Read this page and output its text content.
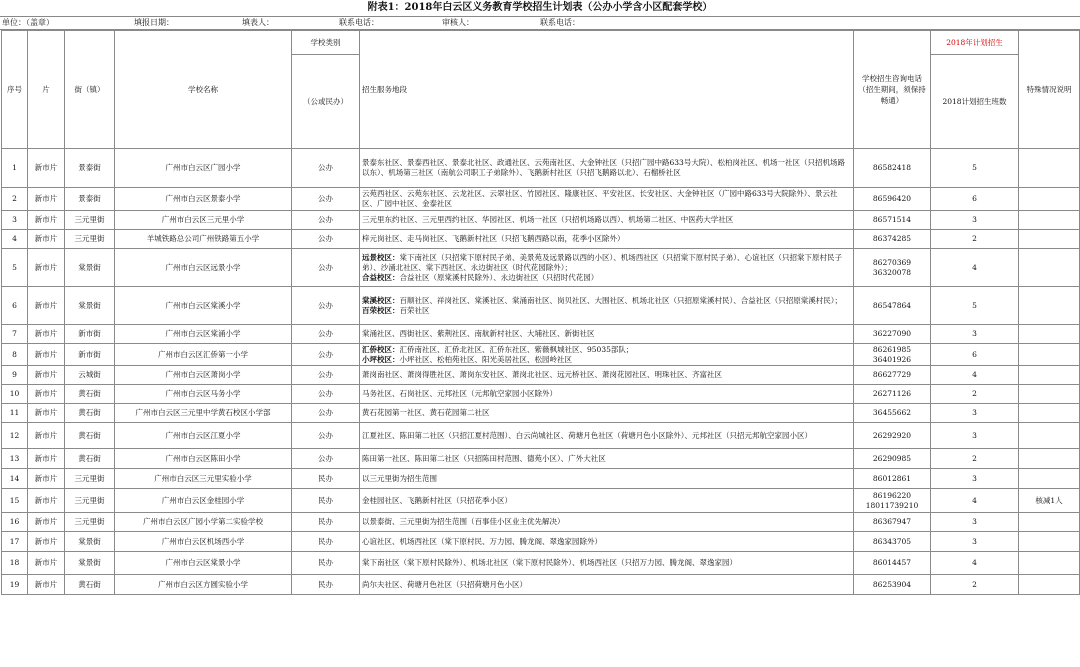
附表1：2018年白云区义务教育学校招生计划表（公办小学含小区配套学校）
单位：（盖章）	填报日期：	填表人：	联系电话：	审核人：	联系电话：
序号	片	街（镇）	学校名称	学校类别	招生服务地段	学校招生咨询电话（招生期间，须保持畅通）	2018年计划招生	特殊情况说明
				（公或民办）			2018计划招生班数	

1	新市片	景泰街	广州市白云区广园小学	公办	景泰东社区、景泰西社区、景泰北社区、政通社区、云苑南社区、大金钟社区（只招广园中路633号大院）、松柏岗社区、机场一社区（只招机场路以东）、机场第三社区（南航公司职工子弟除外）、飞鹅新村社区（只招飞鹅路以北）、石榴桥社区	86582418	5	
2	新市片	景泰街	广州市白云区景泰小学	公办	云苑西社区、云苑东社区、云龙社区、云翠社区、竹园社区、隆康社区、平安社区、长安社区、大金钟社区（广园中路633号大院除外）、景云社区、广园中社区、金泰社区	86596420	6	
3	新市片	三元里街	广州市白云区三元里小学	公办	三元里东约社区、三元里西约社区、华园社区、机场一社区（只招机场路以西）、机场第二社区、中医药大学社区	86571514	3	
4	新市片	三元里街	羊城铁路总公司广州铁路第五小学	公办	梓元岗社区、走马岗社区、飞鹅新村社区（只招飞鹅西路以南，花季小区除外）	86374285	2	
5	新市片	棠景街	广州市白云区远景小学	公办	远景校区：棠下南社区（只招棠下原村民子弟、美景苑及远景路以西的小区）、机场西社区（只招棠下原村民子弟）、心谊社区（只招棠下原村民子弟）、沙涌北社区、棠下西社区、永边街社区（时代花园除外）；
合益校区：合益社区（原棠溪村民除外）、永边街社区（只招时代花园）	86270369 36320078	4	
6	新市片	棠景街	广州市白云区棠溪小学	公办	棠溪校区：百顺社区、祥岗社区、棠溪社区、棠涌南社区、岗贝社区、大围社区、机场北社区（只招原棠溪村民）、合益社区（只招原棠溪村民）；
百荣校区：百荣社区	86547864	5	
7	新市片	新市街	广州市白云区棠涌小学	公办	棠涌社区、西街社区、紫荆社区、南航新村社区、大埔社区、新街社区	36227090	3	
8	新市片	新市街	广州市白云区汇侨第一小学	公办	汇侨校区：汇侨南社区、汇侨北社区、汇侨东社区、紫薇枫城社区、95035部队；
小坪校区：小坪社区、松柏苑社区、阳光美居社区、松园岭社区	86261985 36401926	6	
9	新市片	云城街	广州市白云区萧岗小学	公办	萧岗南社区、萧岗得胜社区、萧岗东安社区、萧岗北社区、远元桥社区、萧岗花园社区、明珠社区、齐富社区	86627729	4	
10	新市片	黄石街	广州市白云区马务小学	公办	马务社区、石岗社区、元邦社区（元邦航空家园小区除外）	26271126	2	
11	新市片	黄石街	广州市白云区三元里中学黄石校区小学部	公办	黄石花园第一社区、黄石花园第二社区	36455662	3	
12	新市片	黄石街	广州市白云区江夏小学	公办	江夏社区、陈田第二社区（只招江夏村范围）、白云尚城社区、荷塘月色社区（荷塘月色小区除外）、元邦社区（只招元邦航空家园小区）	26292920	3	
13	新市片	黄石街	广州市白云区陈田小学	公办	陈田第一社区、陈田第二社区（只招陈田村范围、德苑小区）、广外大社区	26290985	2	
14	新市片	三元里街	广州市白云区三元里实验小学	民办	以三元里街为招生范围	86012861	3	
15	新市片	三元里街	广州市白云区金桂园小学	民办	金桂园社区、飞鹅新村社区（只招花季小区）	86196220 18011739210	4	核减1人
16	新市片	三元里街	广州市白云区广园小学第二实验学校	民办	以景泰街、三元里街为招生范围（百事佳小区业主优先解决）	86367947	3	
17	新市片	棠景街	广州市白云区机场西小学	民办	心谊社区、机场西社区（棠下原村民、万力园、腾龙阁、翠逸家园除外）	86343705	3	
18	新市片	棠景街	广州市白云区棠景小学	民办	棠下南社区（棠下原村民除外）、机场北社区（棠下原村民除外）、机场西社区（只招万力园、腾龙阁、翠逸家园）	86014457	4	
19	新市片	黄石街	广州市白云区方圆实验小学	民办	尚尔夫社区、荷塘月色社区（只招荷塘月色小区）	86253904	2	
